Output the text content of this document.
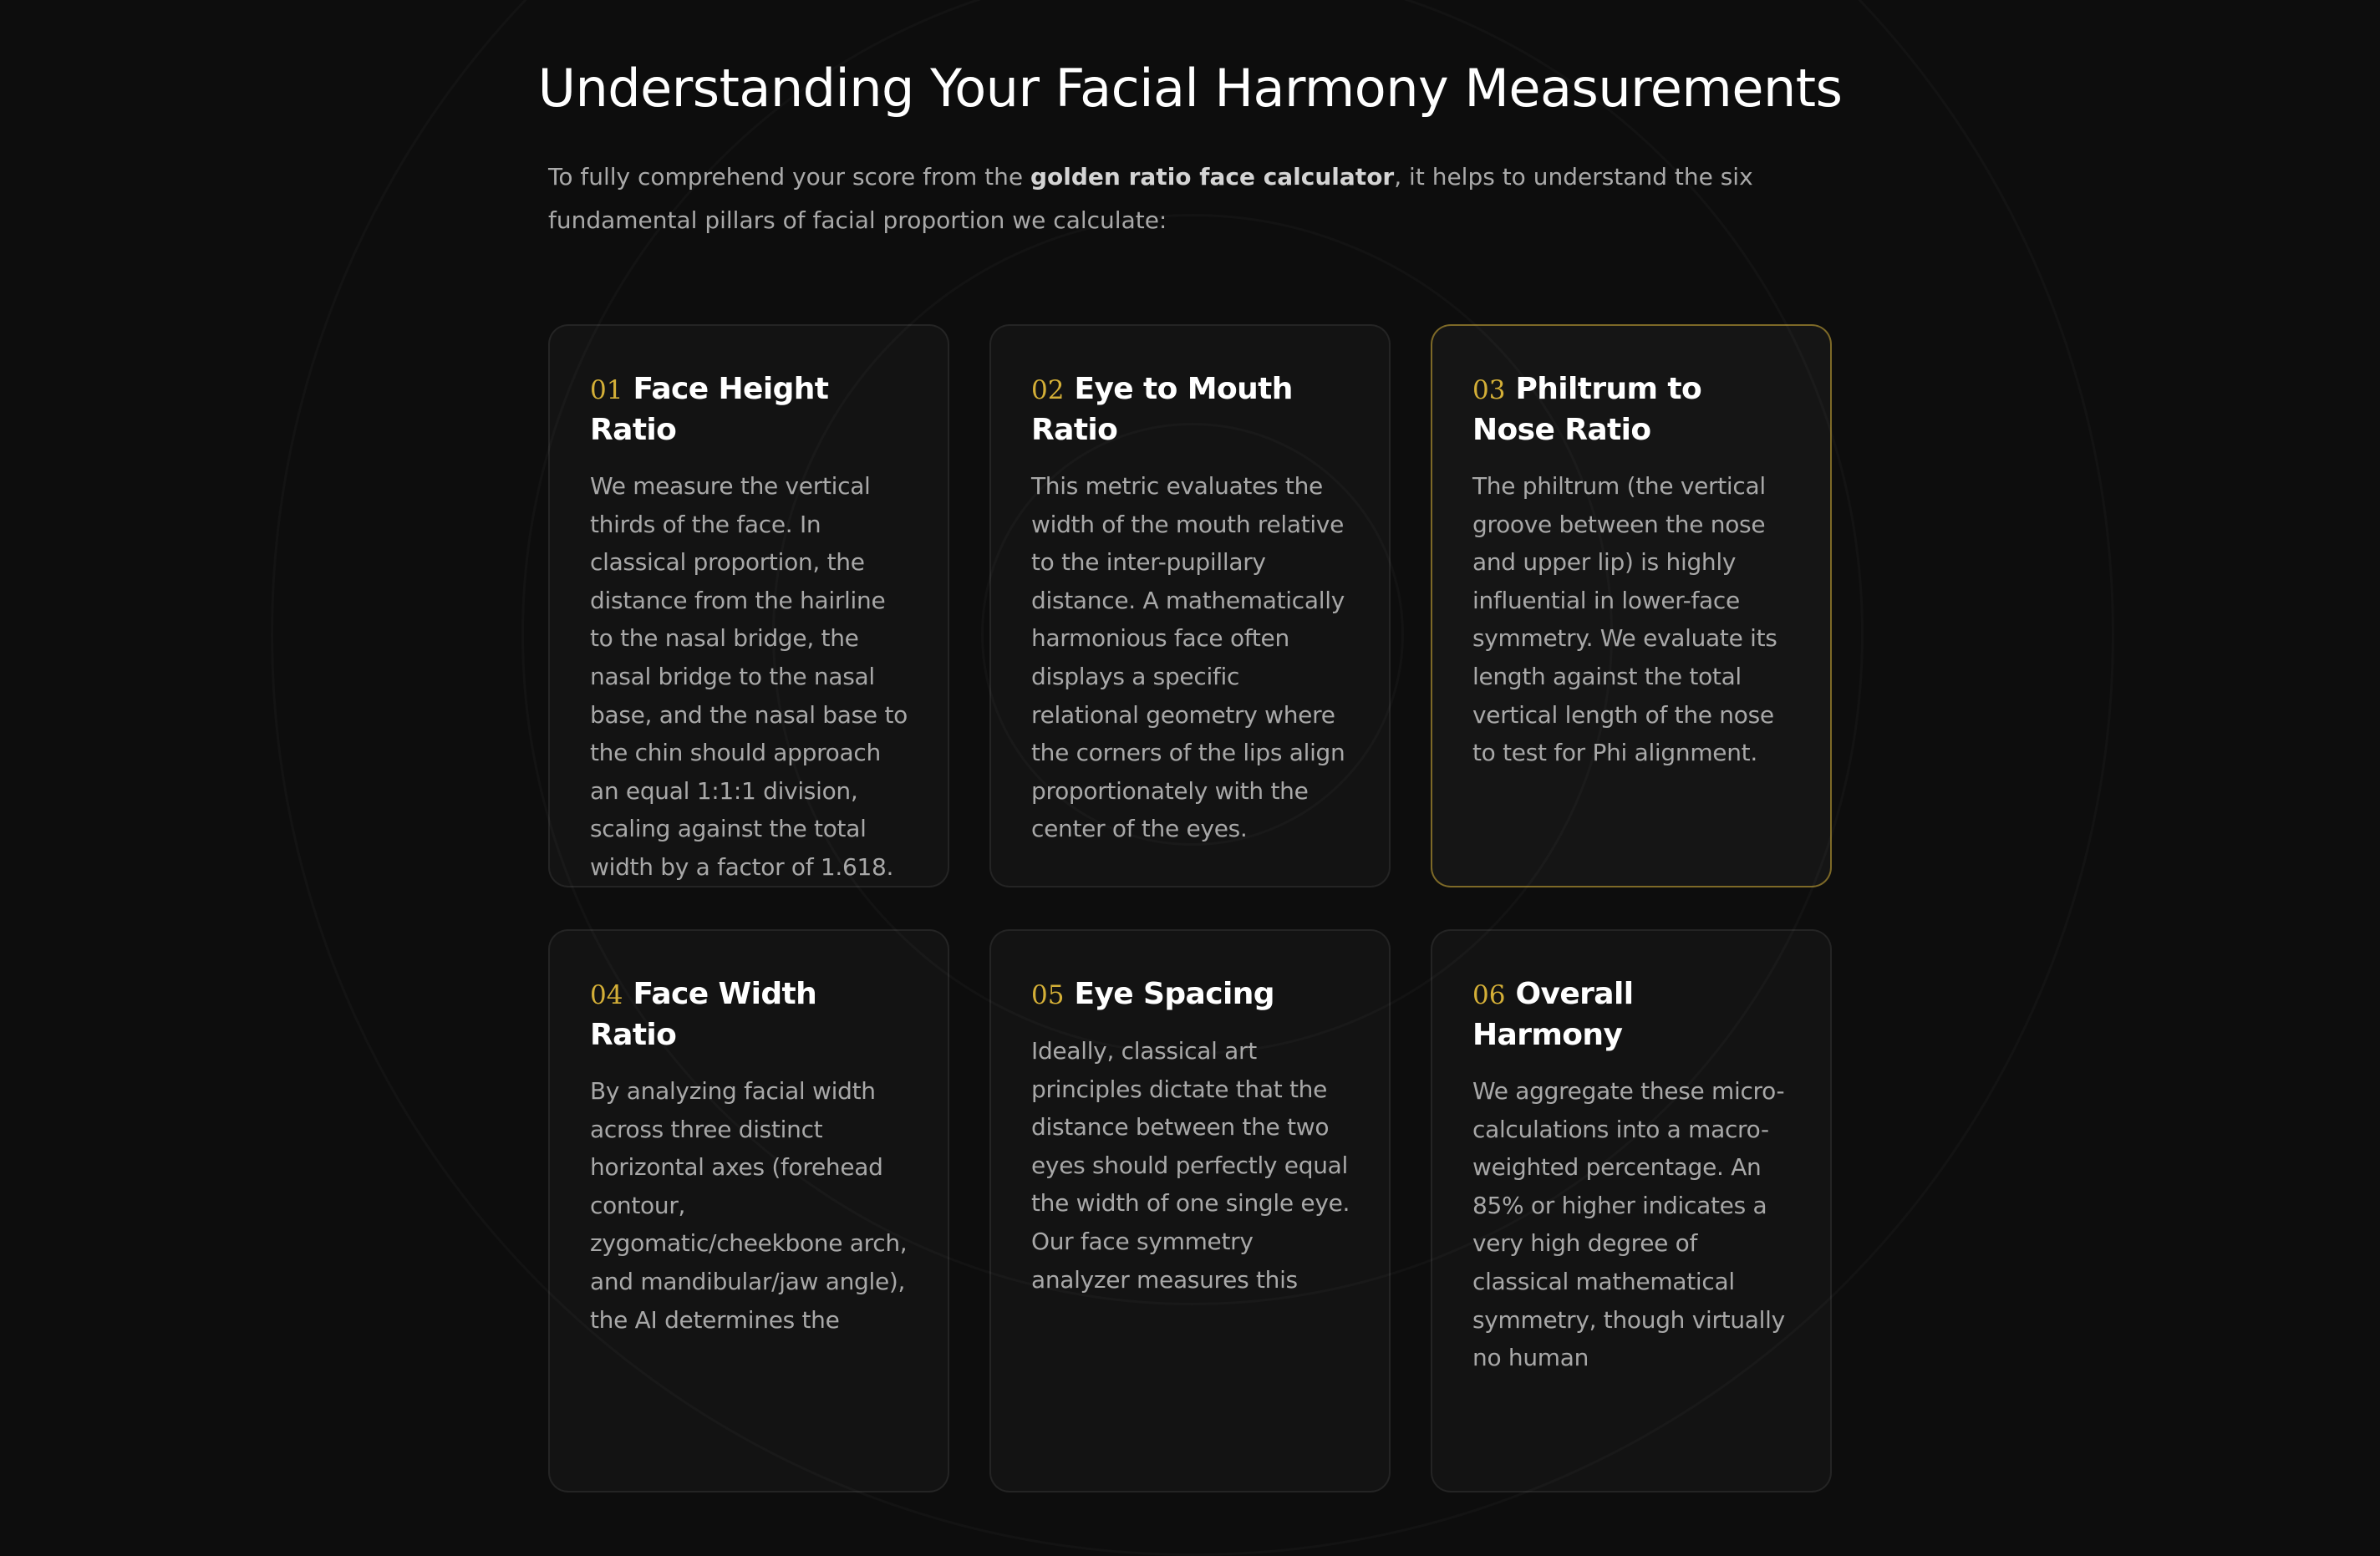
Understanding Your Facial Harmony Measurements

To fully comprehend your score from the golden ratio face calculator, it helps to understand the six fundamental pillars of facial proportion we calculate:

01 Face Height Ratio

We measure the vertical thirds of the face. In classical proportion, the distance from the hairline to the nasal bridge, the nasal bridge to the nasal base, and the nasal base to the chin should approach an equal 1:1:1 division, scaling against the total width by a factor of 1.618.

02 Eye to Mouth Ratio

This metric evaluates the width of the mouth relative to the inter-pupillary distance. A mathematically harmonious face often displays a specific relational geometry where the corners of the lips align proportionately with the center of the eyes.

03 Philtrum to Nose Ratio

The philtrum (the vertical groove between the nose and upper lip) is highly influential in lower-face symmetry. We evaluate its length against the total vertical length of the nose to test for Phi alignment.

04 Face Width Ratio

By analyzing facial width across three distinct horizontal axes (forehead contour, zygomatic/cheekbone arch, and mandibular/jaw angle), the AI determines the

05 Eye Spacing

Ideally, classical art principles dictate that the distance between the two eyes should perfectly equal the width of one single eye. Our face symmetry analyzer measures this

06 Overall Harmony

We aggregate these micro-calculations into a macro-weighted percentage. An 85% or higher indicates a very high degree of classical mathematical symmetry, though virtually no human
